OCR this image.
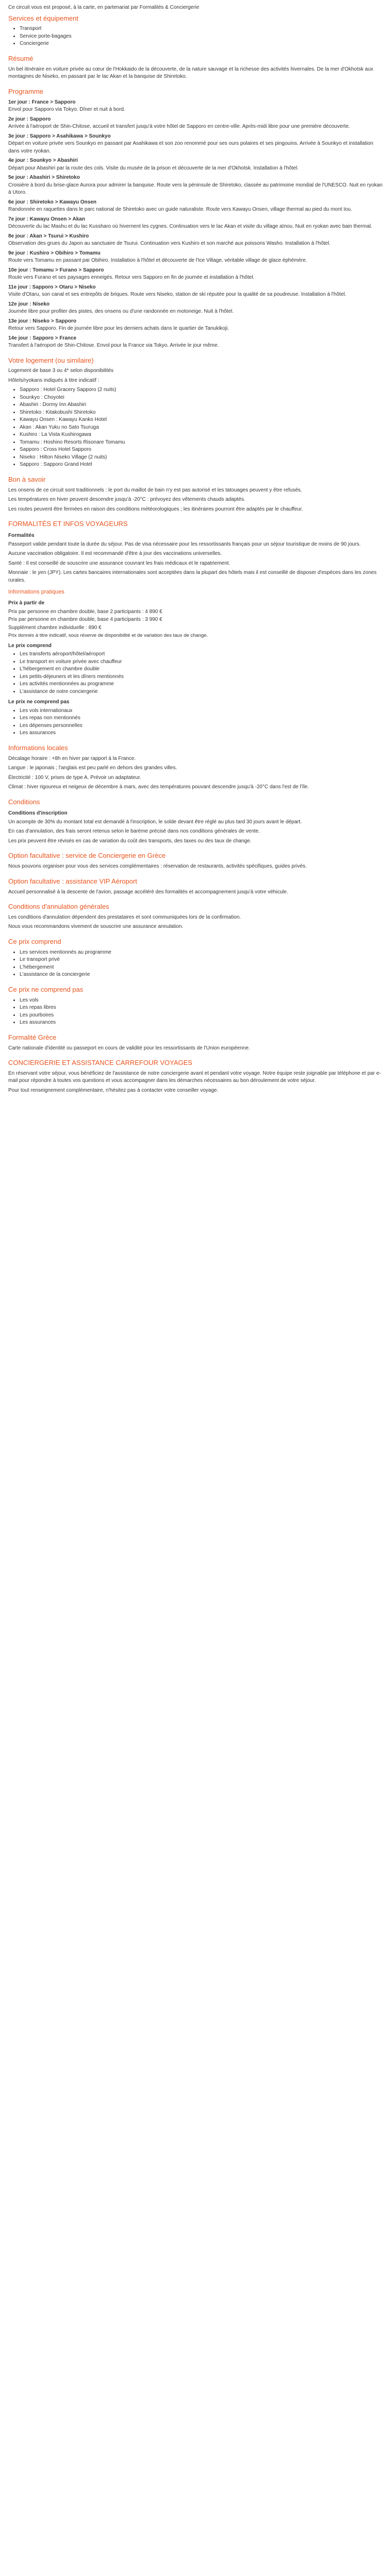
Ce circuit vous est proposé, à la carte, en partenariat par Formalités & Conciergerie

Services et équipement
• Transport
• Service porte-bagages
• Conciergerie
Résumé

Un bel itinéraire en voiture privée au cœur de l'Hokkaido de la découverte, de la nature sauvage et la richesse des activités hivernales. De la mer d'Okhotsk aux montagnes de Niseko, en passant par le lac Akan et la banquise de Shiretoko.

Programme
1er jour : France > Sapporo
Envol pour Sapporo via Tokyo. Dîner et nuit à bord.
2e jour : Sapporo
Arrivée à l'aéroport de Shin-Chitose, accueil et transfert jusqu'à votre hôtel de Sapporo en centre-ville. Après-midi libre pour une première découverte.
3e jour : Sapporo > Asahikawa > Sounkyo
Départ en voiture privée vers Sounkyo en passant par Asahikawa et son zoo renommé pour ses ours polaires et ses pingouins. Arrivée à Sounkyo et installation dans votre ryokan.
4e jour : Sounkyo > Abashiri
Départ pour Abashiri par la route des cols. Visite du musée de la prison et découverte de la mer d'Okhotsk. Installation à l'hôtel.
5e jour : Abashiri > Shiretoko
Croisière à bord du brise-glace Aurora pour admirer la banquise. Route vers la péninsule de Shiretoko, classée au patrimoine mondial de l'UNESCO. Nuit en ryokan à Utoro.
6e jour : Shiretoko > Kawayu Onsen
Randonnée en raquettes dans le parc national de Shiretoko avec un guide naturaliste. Route vers Kawayu Onsen, village thermal au pied du mont Iou.
7e jour : Kawayu Onsen > Akan
Découverte du lac Mashu et du lac Kussharo où hivernent les cygnes. Continuation vers le lac Akan et visite du village aïnou. Nuit en ryokan avec bain thermal.
8e jour : Akan > Tsurui > Kushiro
Observation des grues du Japon au sanctuaire de Tsurui. Continuation vers Kushiro et son marché aux poissons Washo. Installation à l'hôtel.
9e jour : Kushiro > Obihiro > Tomamu
Route vers Tomamu en passant par Obihiro. Installation à l'hôtel et découverte de l'Ice Village, véritable village de glace éphémère.
10e jour : Tomamu > Furano > Sapporo
Route vers Furano et ses paysages enneigés. Retour vers Sapporo en fin de journée et installation à l'hôtel.
11e jour : Sapporo > Otaru > Niseko
Visite d'Otaru, son canal et ses entrepôts de briques. Route vers Niseko, station de ski réputée pour la qualité de sa poudreuse. Installation à l'hôtel.
12e jour : Niseko
Journée libre pour profiter des pistes, des onsens ou d'une randonnée en motoneige. Nuit à l'hôtel.
13e jour : Niseko > Sapporo
Retour vers Sapporo. Fin de journée libre pour les derniers achats dans le quartier de Tanukikoji.
14e jour : Sapporo > France
Transfert à l'aéroport de Shin-Chitose. Envol pour la France via Tokyo. Arrivée le jour même.
Votre logement (ou similaire)

Logement de base 3 ou 4* selon disponibilités

Hôtels/ryokans indiqués à titre indicatif :

• Sapporo : Hotel Gracery Sapporo (2 nuits)
• Sounkyo : Choyotei
• Abashiri : Dormy Inn Abashiri
• Shiretoko : Kitakobushi Shiretoko
• Kawayu Onsen : Kawayu Kanko Hotel
• Akan : Akan Yuku no Sato Tsuruga
• Kushiro : La Vista Kushirogawa
• Tomamu : Hoshino Resorts Risonare Tomamu
• Sapporo : Cross Hotel Sapporo
• Niseko : Hilton Niseko Village (2 nuits)
• Sapporo : Sapporo Grand Hotel
Bon à savoir

Les onsens de ce circuit sont traditionnels : le port du maillot de bain n'y est pas autorisé et les tatouages peuvent y être refusés.

Les températures en hiver peuvent descendre jusqu'à -20°C : prévoyez des vêtements chauds adaptés.

Les routes peuvent être fermées en raison des conditions météorologiques ; les itinéraires pourront être adaptés par le chauffeur.

FORMALITÉS ET INFOS VOYAGEURS
Formalités

Passeport valide pendant toute la durée du séjour. Pas de visa nécessaire pour les ressortissants français pour un séjour touristique de moins de 90 jours.

Aucune vaccination obligatoire. Il est recommandé d'être à jour des vaccinations universelles.

Santé : Il est conseillé de souscrire une assurance couvrant les frais médicaux et le rapatriement.

Monnaie : le yen (JPY). Les cartes bancaires internationales sont acceptées dans la plupart des hôtels mais il est conseillé de disposer d'espèces dans les zones rurales.

Informations pratiques
Prix à partir de

Prix par personne en chambre double, base 2 participants : 4 890 €

Prix par personne en chambre double, base 4 participants : 3 990 €

Supplément chambre individuelle : 890 €

Prix donnés à titre indicatif, sous réserve de disponibilité et de variation des taux de change.

Le prix comprend
• Les transferts aéroport/hôtel/aéroport
• Le transport en voiture privée avec chauffeur
• L'hébergement en chambre double
• Les petits-déjeuners et les dîners mentionnés
• Les activités mentionnées au programme
• L'assistance de notre conciergerie
Le prix ne comprend pas
• Les vols internationaux
• Les repas non mentionnés
• Les dépenses personnelles
• Les assurances
Informations locales

Décalage horaire : +8h en hiver par rapport à la France.

Langue : le japonais ; l'anglais est peu parlé en dehors des grandes villes.

Électricité : 100 V, prises de type A. Prévoir un adaptateur.

Climat : hiver rigoureux et neigeux de décembre à mars, avec des températures pouvant descendre jusqu'à -20°C dans l'est de l'île.

Conditions
Conditions d'inscription

Un acompte de 30% du montant total est demandé à l'inscription, le solde devant être réglé au plus tard 30 jours avant le départ.

En cas d'annulation, des frais seront retenus selon le barème précisé dans nos conditions générales de vente.

Les prix peuvent être révisés en cas de variation du coût des transports, des taxes ou des taux de change.

Option facultative : service de Conciergerie en Grèce

Nous pouvons organiser pour vous des services complémentaires : réservation de restaurants, activités spécifiques, guides privés.

Option facultative : assistance VIP Aéroport

Accueil personnalisé à la descente de l'avion, passage accéléré des formalités et accompagnement jusqu'à votre véhicule.

Conditions d'annulation générales

Les conditions d'annulation dépendent des prestataires et sont communiquées lors de la confirmation.

Nous vous recommandons vivement de souscrire une assurance annulation.

Ce prix comprend
• Les services mentionnés au programme
• Le transport privé
• L'hébergement
• L'assistance de la conciergerie
Ce prix ne comprend pas
• Les vols
• Les repas libres
• Les pourboires
• Les assurances
Formalité Grèce

Carte nationale d'identité ou passeport en cours de validité pour les ressortissants de l'Union européenne.

CONCIERGERIE ET ASSISTANCE CARREFOUR VOYAGES

En réservant votre séjour, vous bénéficiez de l'assistance de notre conciergerie avant et pendant votre voyage. Notre équipe reste joignable par téléphone et par e-mail pour répondre à toutes vos questions et vous accompagner dans les démarches nécessaires au bon déroulement de votre séjour.

Pour tout renseignement complémentaire, n'hésitez pas à contacter votre conseiller voyage.
